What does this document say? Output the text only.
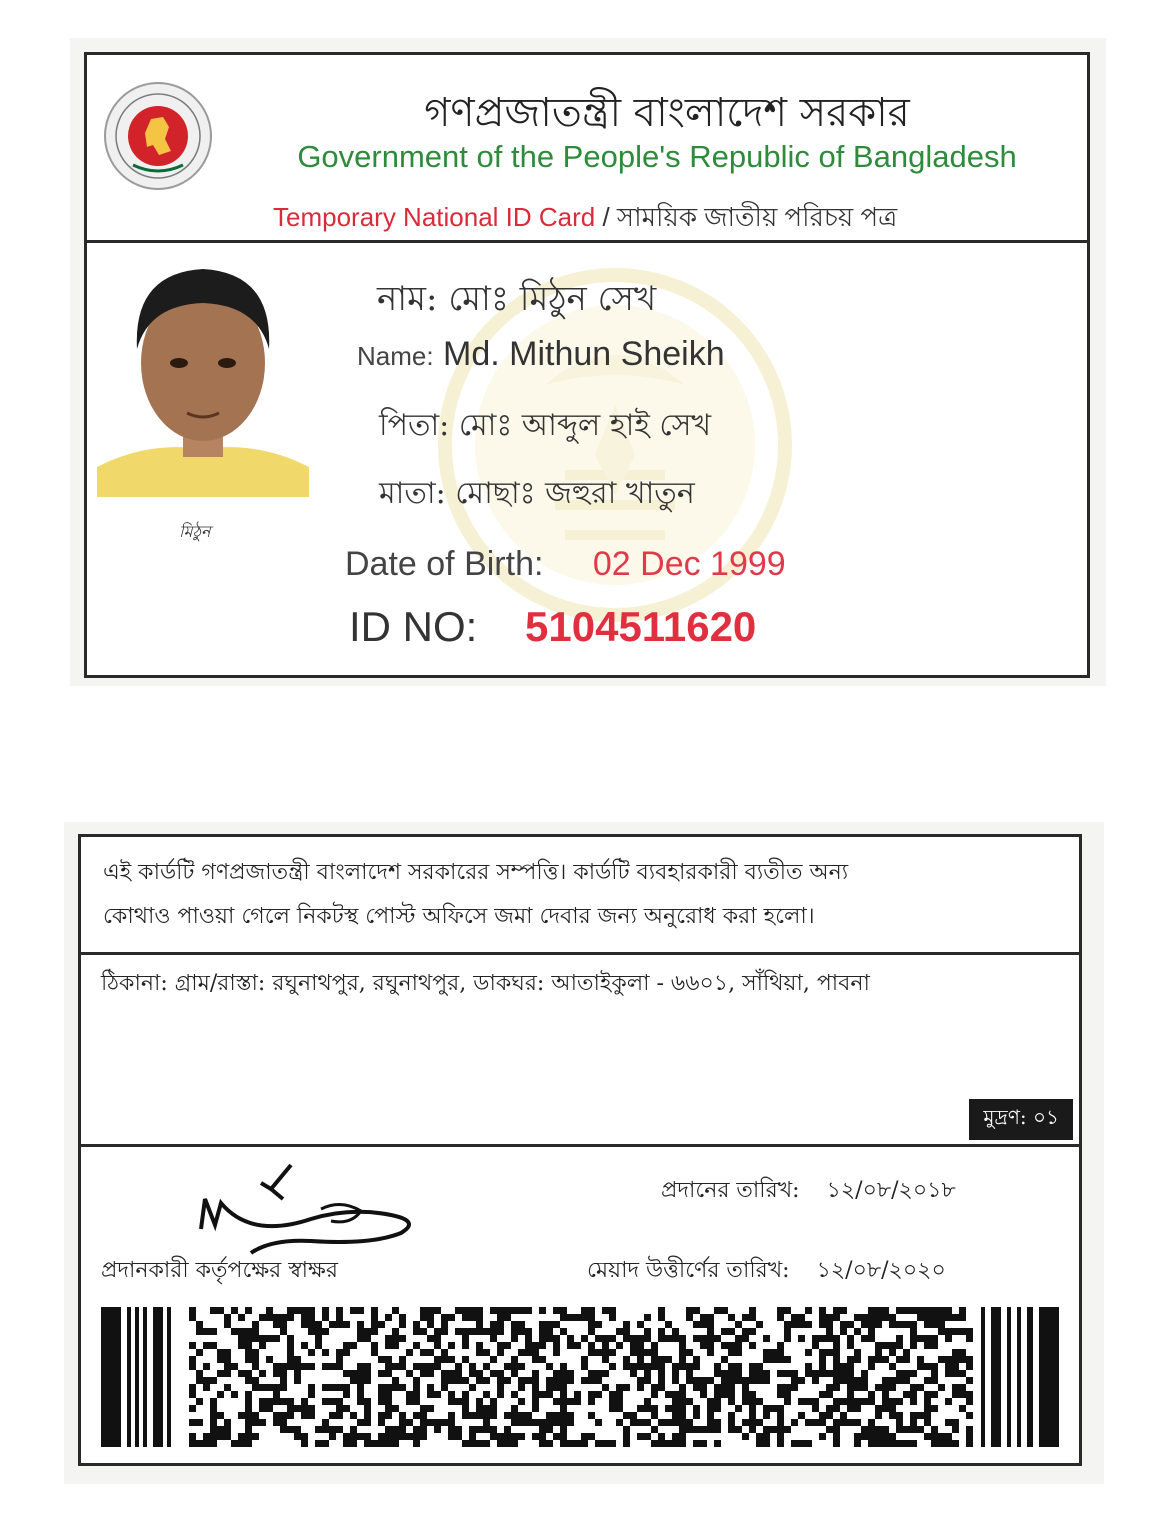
গণপ্রজাতন্ত্রী বাংলাদেশ সরকার
Government of the People's Republic of Bangladesh
Temporary National ID Card / সাময়িক জাতীয় পরিচয় পত্র
মিঠুন
নাম: মোঃ মিঠুন সেখ
Name: Md. Mithun Sheikh
পিতা: মোঃ আব্দুল হাই সেখ
মাতা: মোছাঃ জহুরা খাতুন
Date of Birth: 02 Dec 1999
ID NO: 5104511620
এই কার্ডটি গণপ্রজাতন্ত্রী বাংলাদেশ সরকারের সম্পত্তি। কার্ডটি ব্যবহারকারী ব্যতীত অন্য
কোথাও পাওয়া গেলে নিকটস্থ পোস্ট অফিসে জমা দেবার জন্য অনুরোধ করা হলো।
ঠিকানা: গ্রাম/রাস্তা: রঘুনাথপুর, রঘুনাথপুর, ডাকঘর: আতাইকুলা - ৬৬০১, সাঁথিয়া, পাবনা
মুদ্রণ: ০১
প্রদানের তারিখ: ১২/০৮/২০১৮
প্রদানকারী কর্তৃপক্ষের স্বাক্ষর	মেয়াদ উত্তীর্ণের তারিখ: ১২/০৮/২০২০
